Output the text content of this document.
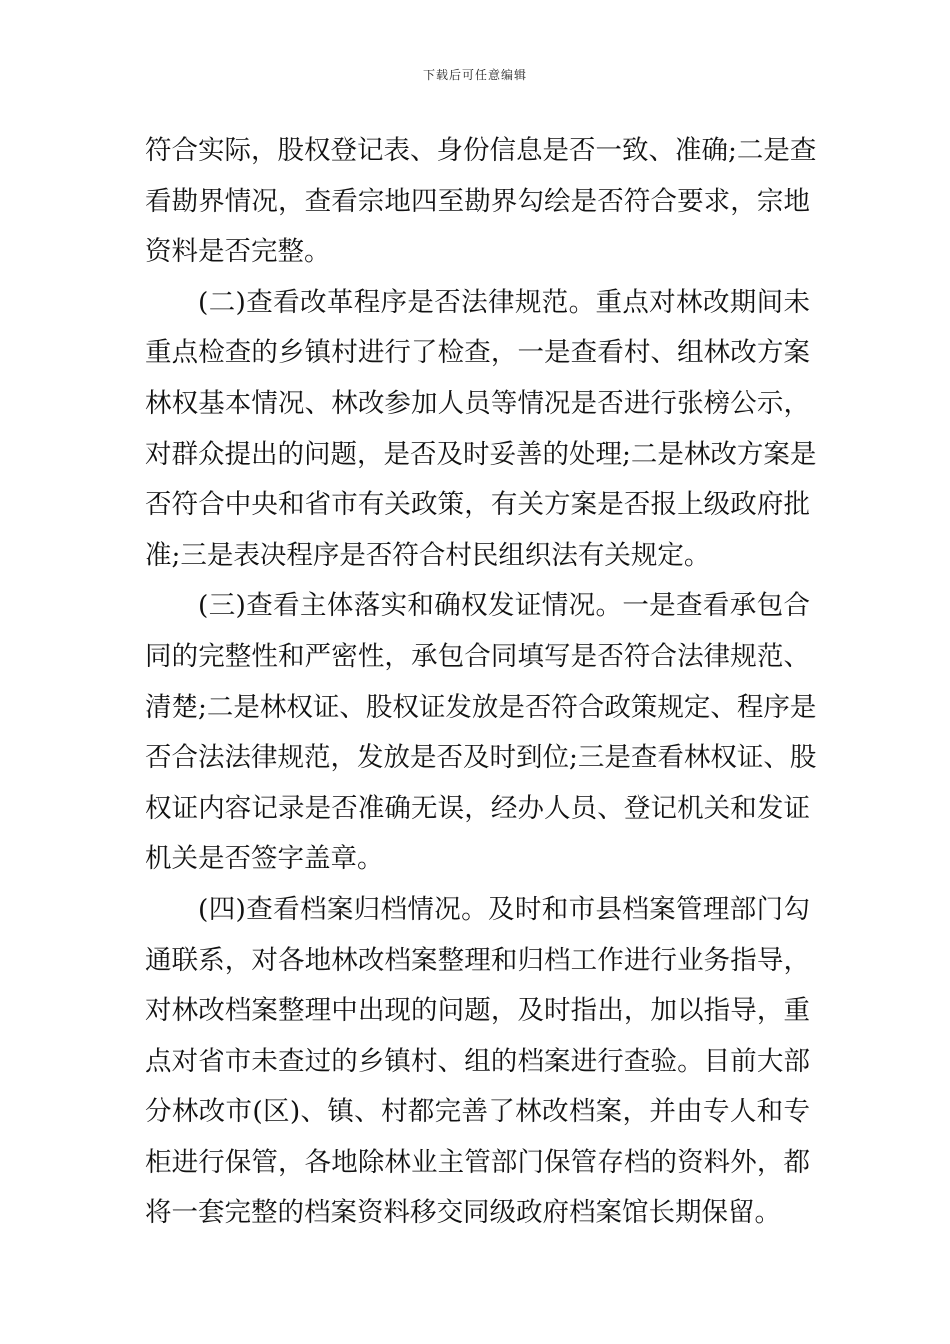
下载后可任意编辑
符合实际，股权登记表、身份信息是否一致、准确;二是查
看勘界情况，查看宗地四至勘界勾绘是否符合要求，宗地
资料是否完整。
(二)查看改革程序是否法律规范。重点对林改期间未
重点检查的乡镇村进行了检查，一是查看村、组林改方案
林权基本情况、林改参加人员等情况是否进行张榜公示，
对群众提出的问题，是否及时妥善的处理;二是林改方案是
否符合中央和省市有关政策，有关方案是否报上级政府批
准;三是表决程序是否符合村民组织法有关规定。
(三)查看主体落实和确权发证情况。一是查看承包合
同的完整性和严密性，承包合同填写是否符合法律规范、
清楚;二是林权证、股权证发放是否符合政策规定、程序是
否合法法律规范，发放是否及时到位;三是查看林权证、股
权证内容记录是否准确无误，经办人员、登记机关和发证
机关是否签字盖章。
(四)查看档案归档情况。及时和市县档案管理部门勾
通联系，对各地林改档案整理和归档工作进行业务指导，
对林改档案整理中出现的问题，及时指出，加以指导，重
点对省市未查过的乡镇村、组的档案进行查验。目前大部
分林改市(区)、镇、村都完善了林改档案，并由专人和专
柜进行保管，各地除林业主管部门保管存档的资料外，都
将一套完整的档案资料移交同级政府档案馆长期保留。
